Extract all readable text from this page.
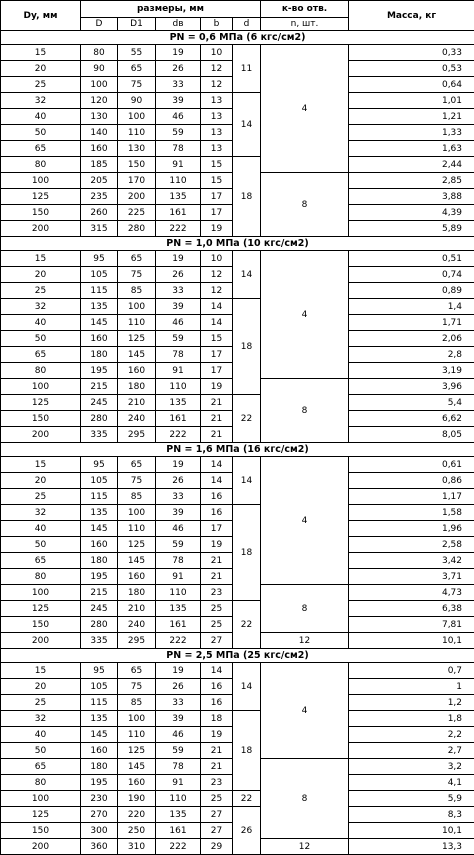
Dy, мм	размеры, мм					к-во отв.	Масса, кг
	D	D1	dв	b	d	n, шт.	
PN = 0,6 МПа (6 кгс/см2)							
15	80	55	19	10	11	4	0,33
20	90	65	26	12			0,53
25	100	75	33	12			0,64
32	120	90	39	13	14		1,01
40	130	100	46	13			1,21
50	140	110	59	13			1,33
65	160	130	78	13			1,63
80	185	150	91	15	18		2,44
100	205	170	110	15		8	2,85
125	235	200	135	17			3,88
150	260	225	161	17			4,39
200	315	280	222	19			5,89
PN = 1,0 МПа (10 кгс/см2)							
15	95	65	19	10	14	4	0,51
20	105	75	26	12			0,74
25	115	85	33	12			0,89
32	135	100	39	14	18		1,4
40	145	110	46	14			1,71
50	160	125	59	15			2,06
65	180	145	78	17			2,8
80	195	160	91	17			3,19
100	215	180	110	19		8	3,96
125	245	210	135	21	22		5,4
150	280	240	161	21			6,62
200	335	295	222	21			8,05
PN = 1,6 МПа (16 кгс/см2)							
15	95	65	19	14	14	4	0,61
20	105	75	26	14			0,86
25	115	85	33	16			1,17
32	135	100	39	16	18		1,58
40	145	110	46	17			1,96
50	160	125	59	19			2,58
65	180	145	78	21			3,42
80	195	160	91	21			3,71
100	215	180	110	23		8	4,73
125	245	210	135	25	22		6,38
150	280	240	161	25			7,81
200	335	295	222	27		12	10,1
PN = 2,5 МПа (25 кгс/см2)							
15	95	65	19	14	14	4	0,7
20	105	75	26	16			1
25	115	85	33	16			1,2
32	135	100	39	18	18		1,8
40	145	110	46	19			2,2
50	160	125	59	21			2,7
65	180	145	78	21		8	3,2
80	195	160	91	23			4,1
100	230	190	110	25	22		5,9
125	270	220	135	27	26		8,3
150	300	250	161	27			10,1
200	360	310	222	29		12	13,3
